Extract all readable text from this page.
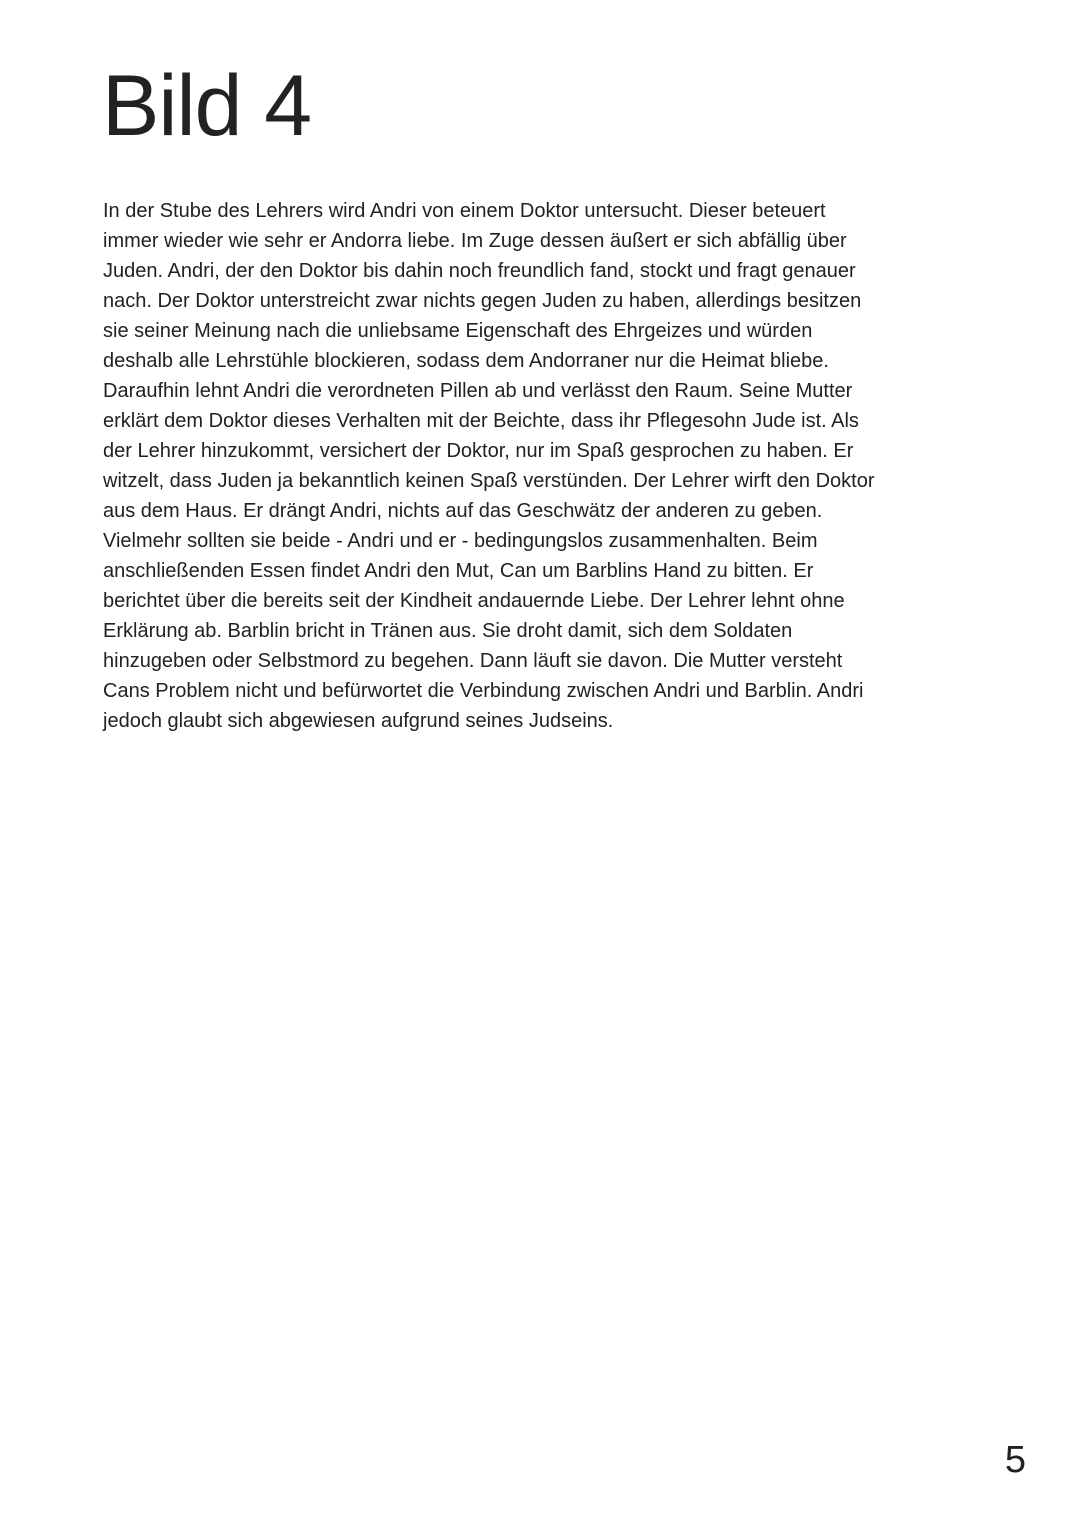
Bild 4

In der Stube des Lehrers wird Andri von einem Doktor untersucht. Dieser beteuert
immer wieder wie sehr er Andorra liebe. Im Zuge dessen äußert er sich abfällig über
Juden. Andri, der den Doktor bis dahin noch freundlich fand, stockt und fragt genauer
nach. Der Doktor unterstreicht zwar nichts gegen Juden zu haben, allerdings besitzen
sie seiner Meinung nach die unliebsame Eigenschaft des Ehrgeizes und würden
deshalb alle Lehrstühle blockieren, sodass dem Andorraner nur die Heimat bliebe.
Daraufhin lehnt Andri die verordneten Pillen ab und verlässt den Raum. Seine Mutter
erklärt dem Doktor dieses Verhalten mit der Beichte, dass ihr Pflegesohn Jude ist. Als
der Lehrer hinzukommt, versichert der Doktor, nur im Spaß gesprochen zu haben. Er
witzelt, dass Juden ja bekanntlich keinen Spaß verstünden. Der Lehrer wirft den Doktor
aus dem Haus. Er drängt Andri, nichts auf das Geschwätz der anderen zu geben.
Vielmehr sollten sie beide - Andri und er - bedingungslos zusammenhalten. Beim
anschließenden Essen findet Andri den Mut, Can um Barblins Hand zu bitten. Er
berichtet über die bereits seit der Kindheit andauernde Liebe. Der Lehrer lehnt ohne
Erklärung ab. Barblin bricht in Tränen aus. Sie droht damit, sich dem Soldaten
hinzugeben oder Selbstmord zu begehen. Dann läuft sie davon. Die Mutter versteht
Cans Problem nicht und befürwortet die Verbindung zwischen Andri und Barblin. Andri
jedoch glaubt sich abgewiesen aufgrund seines Judseins.

5
